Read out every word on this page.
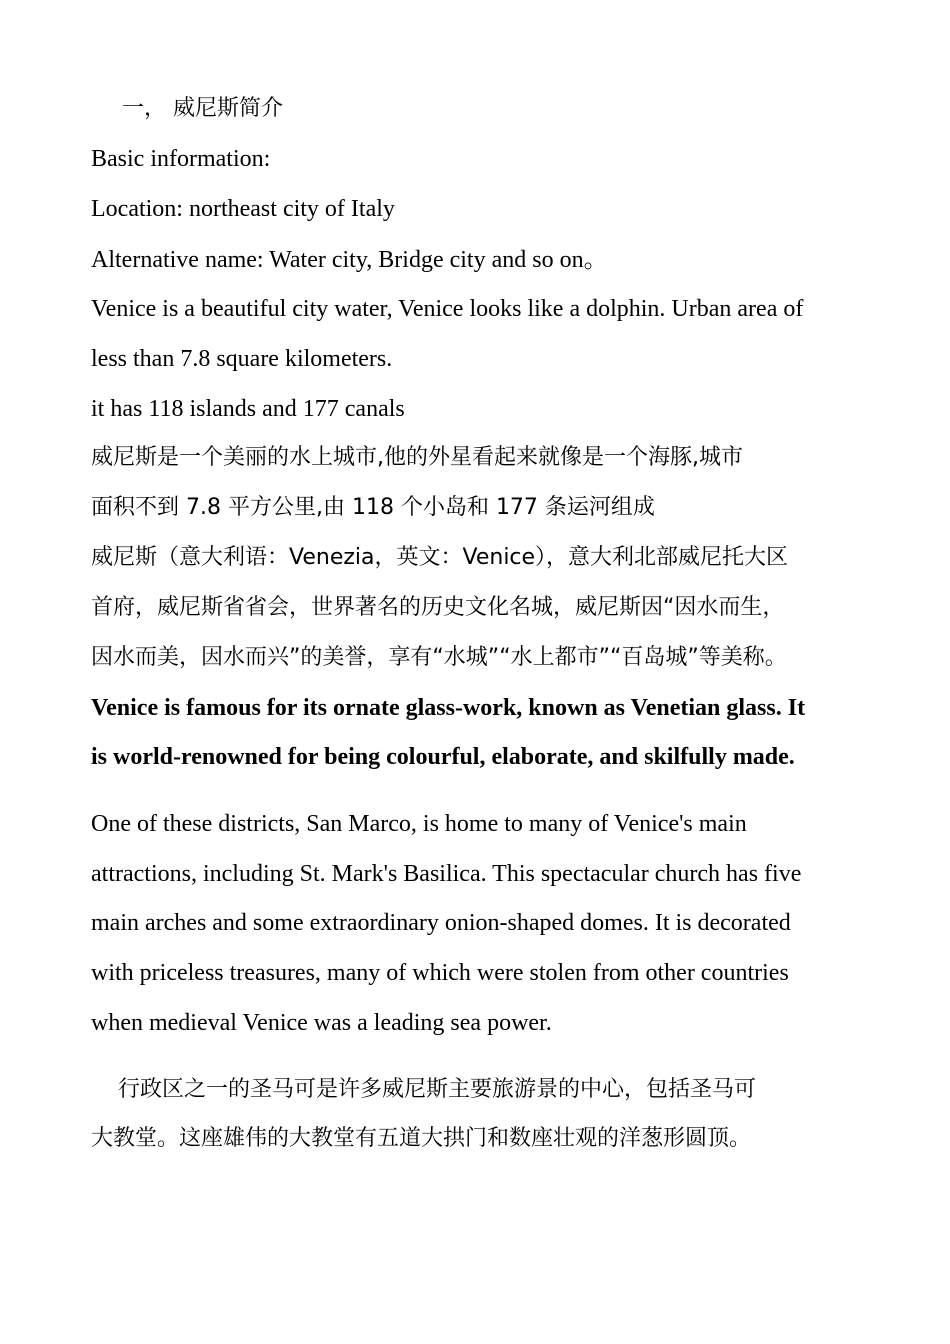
一， 威尼斯简介
Basic information:
Location: northeast city of Italy
Alternative name: Water city, Bridge city and so on。
Venice is a beautiful city water, Venice looks like a dolphin. Urban area of
less than 7.8 square kilometers.
it has 118 islands and 177 canals
威尼斯是一个美丽的水上城市,他的外星看起来就像是一个海豚,城市
面积不到 7.8 平方公里,由 118 个小岛和 177 条运河组成
威尼斯（意大利语：Venezia，英文：Venice），意大利北部威尼托大区
首府，威尼斯省省会，世界著名的历史文化名城，威尼斯因“因水而生，
因水而美，因水而兴”的美誉，享有“水城”“水上都市”“百岛城”等美称。
Venice is famous for its ornate glass-work, known as Venetian glass. It
is world-renowned for being colourful, elaborate, and skilfully made.
One of these districts, San Marco, is home to many of Venice's main
attractions, including St. Mark's Basilica. This spectacular church has five
main arches and some extraordinary onion-shaped domes. It is decorated
with priceless treasures, many of which were stolen from other countries
when medieval Venice was a leading sea power.
行政区之一的圣马可是许多威尼斯主要旅游景的中心，包括圣马可
大教堂。这座雄伟的大教堂有五道大拱门和数座壮观的洋葱形圆顶。
